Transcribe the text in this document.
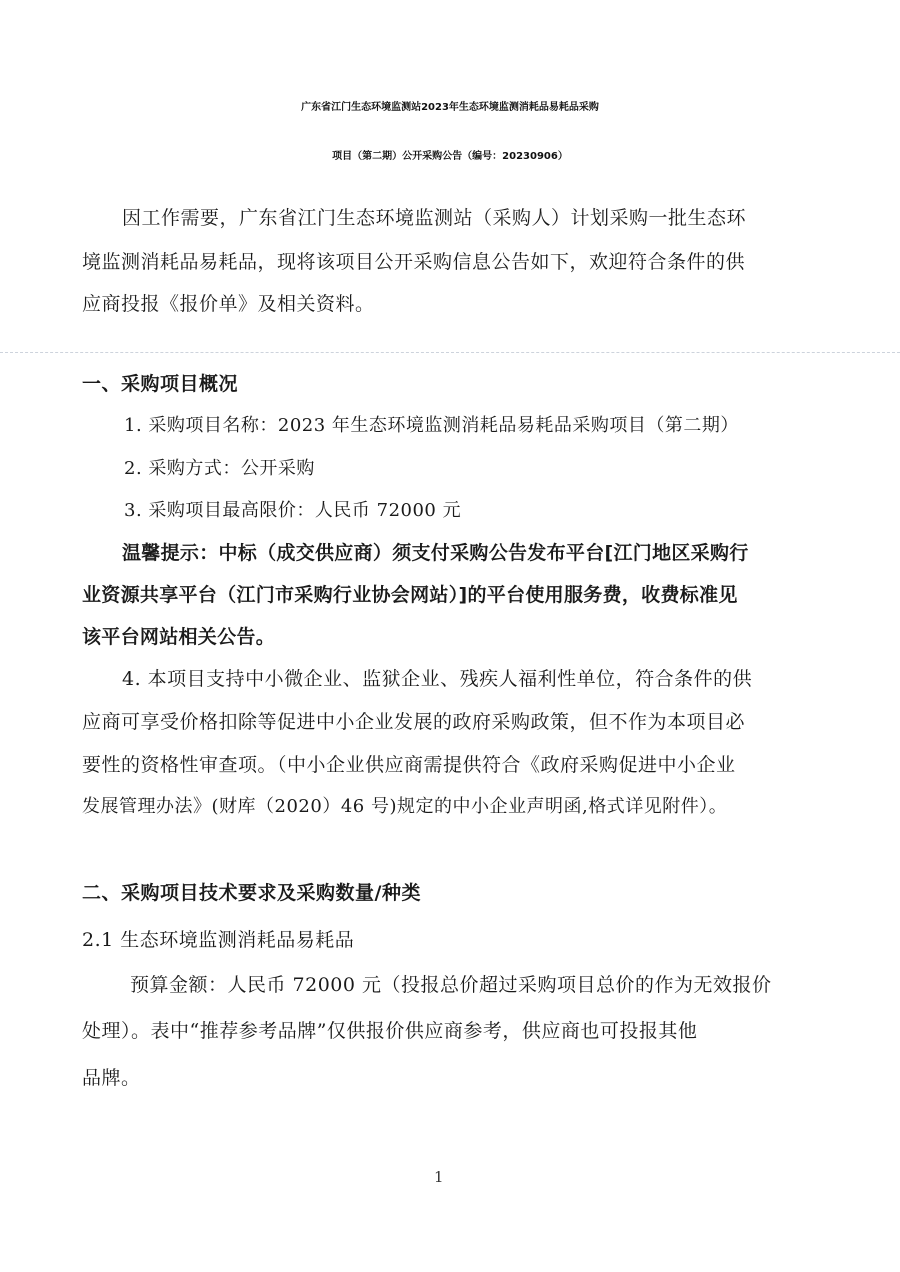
广东省江门生态环境监测站2023年生态环境监测消耗品易耗品采购
项目（第二期）公开采购公告（编号：20230906）
因工作需要，广东省江门生态环境监测站（采购人）计划采购一批生态环
境监测消耗品易耗品，现将该项目公开采购信息公告如下，欢迎符合条件的供
应商投报《报价单》及相关资料。
一、采购项目概况
1. 采购项目名称：2023 年生态环境监测消耗品易耗品采购项目（第二期）
2. 采购方式：公开采购
3. 采购项目最高限价：人民币 72000 元
温馨提示：中标（成交供应商）须支付采购公告发布平台[江门地区采购行
业资源共享平台（江门市采购行业协会网站）]的平台使用服务费，收费标准见
该平台网站相关公告。
4. 本项目支持中小微企业、监狱企业、残疾人福利性单位，符合条件的供
应商可享受价格扣除等促进中小企业发展的政府采购政策，但不作为本项目必
要性的资格性审查项。（中小企业供应商需提供符合《政府采购促进中小企业
发展管理办法》(财库（2020）46 号)规定的中小企业声明函,格式详见附件）。
二、采购项目技术要求及采购数量/种类
2.1 生态环境监测消耗品易耗品
预算金额：人民币 72000 元（投报总价超过采购项目总价的作为无效报价
处理）。表中“推荐参考品牌”仅供报价供应商参考，供应商也可投报其他
品牌。
1
